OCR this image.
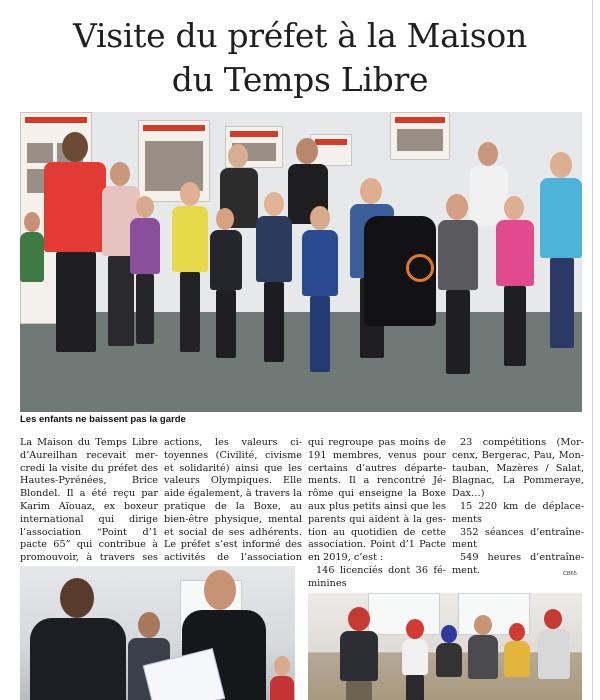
Visite du préfet à la Maison
du Temps Libre
Les enfants ne baissent pas la garde
La Maison du Temps Libre
d’Aureilhan recevait mer-
credi la visite du préfet des
Hautes-Pyrénées, Brice
Blondel. Il a été reçu par
Karim Aïouaz, ex boxeur
international qui dirige
l’association “Point d’1
pacte 65” qui contribue à
promouvoir, à travers ses
actions, les valeurs ci-
toyennes (Civilité, civisme
et solidarité) ainsi que les
valeurs Olympiques. Elle
aide également, à travers la
pratique de la Boxe, au
bien-être physique, mental
et social de ses adhérents.
Le préfet s’est informé des
activités de l’association
qui regroupe pas moins de
191 membres, venus pour
certains d’autres départe-
ments. Il a rencontré Jé-
rôme qui enseigne la Boxe
aux plus petits ainsi que les
parents qui aident à la ges-
tion au quotidien de cette
association. Point d’1 Pacte
en 2019, c’est :
146 licenciés dont 36 fé-
minines
23 compétitions (Mor-
cenx, Bergerac, Pau, Mon-
tauban, Mazères / Salat,
Blagnac, La Pommeraye,
Dax…)
15 220 km de déplace-
ments
352 séances d’entraîne-
ment
549 heures d’entraîne-
ment.	CB65
